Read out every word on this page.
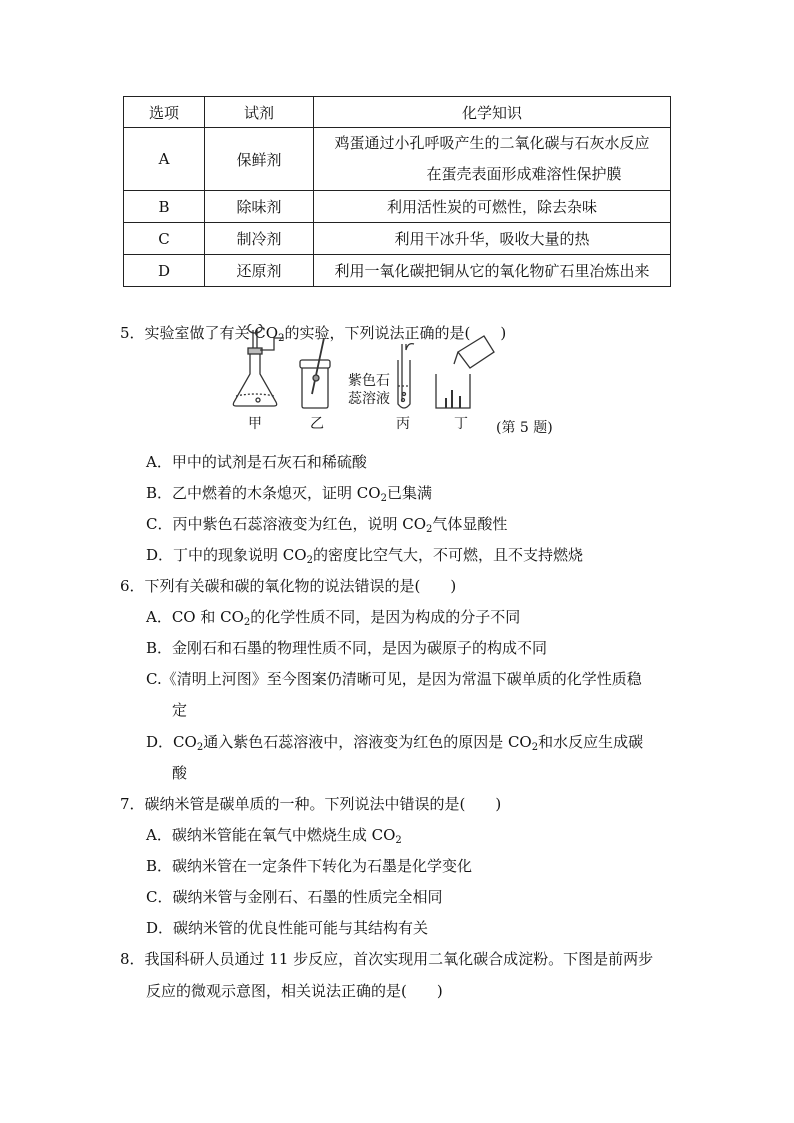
选项	试剂	化学知识
A	保鲜剂	鸡蛋通过小孔呼吸产生的二氧化碳与石灰水反应
在蛋壳表面形成难溶性保护膜

B	除味剂	利用活性炭的可燃性，除去杂味
C	制冷剂	利用干冰升华，吸收大量的热
D	还原剂	利用一氧化碳把铜从它的氧化物矿石里冶炼出来
5．实验室做了有关 $CO_2$的实验，下列说法正确的是(　　)
紫色石
蕊溶液
甲	乙	丙	丁 (第 5 题)
A．甲中的试剂是石灰石和稀硫酸
B．乙中燃着的木条熄灭，证明 $CO_2$已集满
C．丙中紫色石蕊溶液变为红色，说明 $CO_2$气体显酸性
D．丁中的现象说明 $CO_2$的密度比空气大，不可燃，且不支持燃烧
6．下列有关碳和碳的氧化物的说法错误的是(　　)
A．CO 和 $CO_2$的化学性质不同，是因为构成的分子不同
B．金刚石和石墨的物理性质不同，是因为碳原子的构成不同
C.《清明上河图》至今图案仍清晰可见，是因为常温下碳单质的化学性质稳
定
D．$CO_2$通入紫色石蕊溶液中，溶液变为红色的原因是 $CO_2$和水反应生成碳
酸
7．碳纳米管是碳单质的一种。下列说法中错误的是(　　)
A．碳纳米管能在氧气中燃烧生成 $CO_2$
B．碳纳米管在一定条件下转化为石墨是化学变化
C．碳纳米管与金刚石、石墨的性质完全相同
D．碳纳米管的优良性能可能与其结构有关
8．我国科研人员通过 11 步反应，首次实现用二氧化碳合成淀粉。下图是前两步
反应的微观示意图，相关说法正确的是(　　)
